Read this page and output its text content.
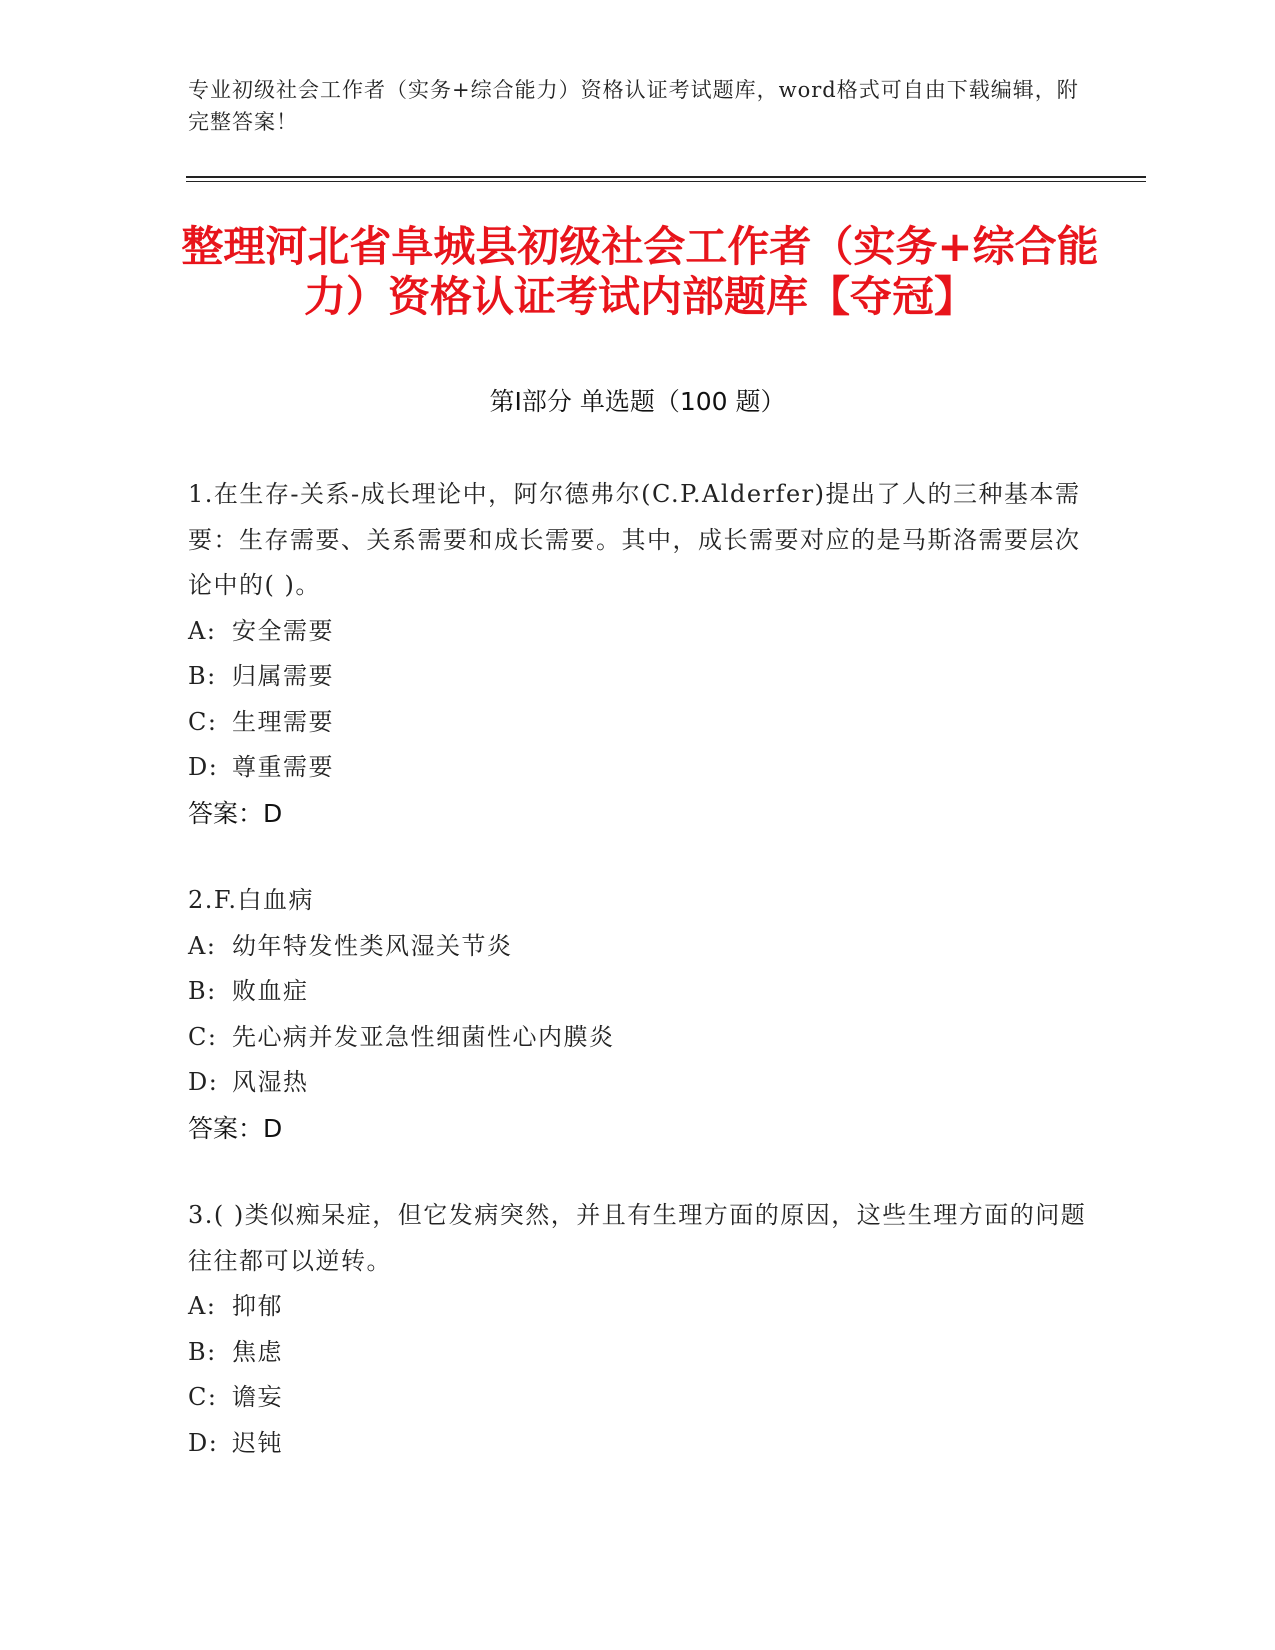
专业初级社会工作者（实务+综合能力）资格认证考试题库，word格式可自由下载编辑，附完整答案！
整理河北省阜城县初级社会工作者（实务+综合能力）资格认证考试内部题库【夺冠】
第Ⅰ部分 单选题（100 题）
1.在生存-关系-成长理论中，阿尔德弗尔(C.P.Alderfer)提出了人的三种基本需要：生存需要、关系需要和成长需要。其中，成长需要对应的是马斯洛需要层次论中的( )。
A: 安全需要
B: 归属需要
C: 生理需要
D: 尊重需要
答案：D
2.F.白血病
A: 幼年特发性类风湿关节炎
B: 败血症
C: 先心病并发亚急性细菌性心内膜炎
D: 风湿热
答案：D
3.( )类似痴呆症，但它发病突然，并且有生理方面的原因，这些生理方面的问题往往都可以逆转。
A: 抑郁
B: 焦虑
C: 谵妄
D: 迟钝
